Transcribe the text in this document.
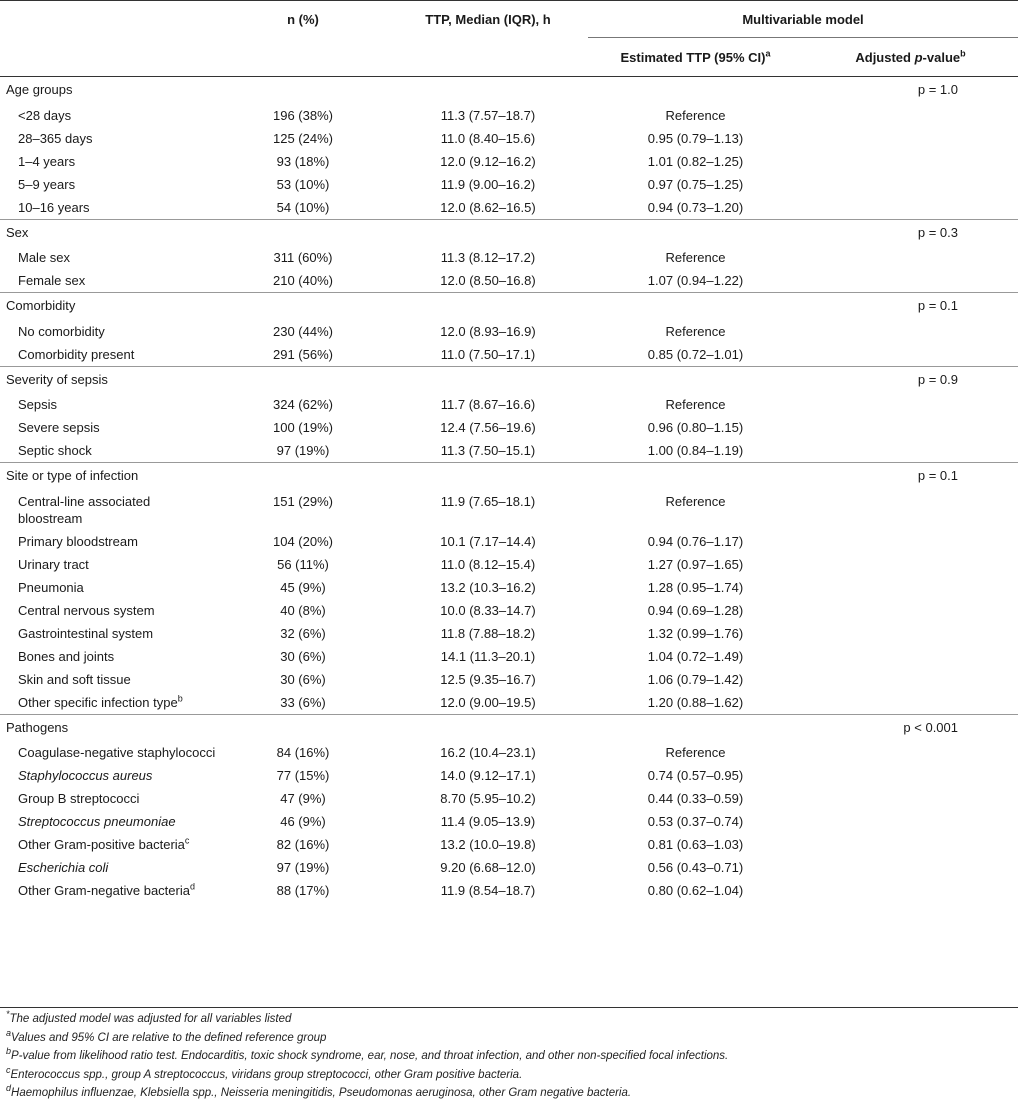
	n (%)	TTP, Median (IQR), h	Multivariable model	
			Estimated TTP (95% CI)$^a$	Adjusted p-value$^b$
Age groups				p = 1.0
<28 days	196 (38%)	11.3 (7.57–18.7)	Reference	
28–365 days	125 (24%)	11.0 (8.40–15.6)	0.95 (0.79–1.13)	
1–4 years	93 (18%)	12.0 (9.12–16.2)	1.01 (0.82–1.25)	
5–9 years	53 (10%)	11.9 (9.00–16.2)	0.97 (0.75–1.25)	
10–16 years	54 (10%)	12.0 (8.62–16.5)	0.94 (0.73–1.20)	
Sex				p = 0.3
Male sex	311 (60%)	11.3 (8.12–17.2)	Reference	
Female sex	210 (40%)	12.0 (8.50–16.8)	1.07 (0.94–1.22)	
Comorbidity				p = 0.1
No comorbidity	230 (44%)	12.0 (8.93–16.9)	Reference	
Comorbidity present	291 (56%)	11.0 (7.50–17.1)	0.85 (0.72–1.01)	
Severity of sepsis				p = 0.9
Sepsis	324 (62%)	11.7 (8.67–16.6)	Reference	
Severe sepsis	100 (19%)	12.4 (7.56–19.6)	0.96 (0.80–1.15)	
Septic shock	97 (19%)	11.3 (7.50–15.1)	1.00 (0.84–1.19)	
Site or type of infection				p = 0.1
Central-line associated bloostream	151 (29%)	11.9 (7.65–18.1)	Reference	
Primary bloodstream	104 (20%)	10.1 (7.17–14.4)	0.94 (0.76–1.17)	
Urinary tract	56 (11%)	11.0 (8.12–15.4)	1.27 (0.97–1.65)	
Pneumonia	45 (9%)	13.2 (10.3–16.2)	1.28 (0.95–1.74)	
Central nervous system	40 (8%)	10.0 (8.33–14.7)	0.94 (0.69–1.28)	
Gastrointestinal system	32 (6%)	11.8 (7.88–18.2)	1.32 (0.99–1.76)	
Bones and joints	30 (6%)	14.1 (11.3–20.1)	1.04 (0.72–1.49)	
Skin and soft tissue	30 (6%)	12.5 (9.35–16.7)	1.06 (0.79–1.42)	
Other specific infection type$^b$	33 (6%)	12.0 (9.00–19.5)	1.20 (0.88–1.62)	
Pathogens				p < 0.001
Coagulase-negative staphylococci	84 (16%)	16.2 (10.4–23.1)	Reference	
Staphylococcus aureus	77 (15%)	14.0 (9.12–17.1)	0.74 (0.57–0.95)	
Group B streptococci	47 (9%)	8.70 (5.95–10.2)	0.44 (0.33–0.59)	
Streptococcus pneumoniae	46 (9%)	11.4 (9.05–13.9)	0.53 (0.37–0.74)	
Other Gram-positive bacteria$^c$	82 (16%)	13.2 (10.0–19.8)	0.81 (0.63–1.03)	
Escherichia coli	97 (19%)	9.20 (6.68–12.0)	0.56 (0.43–0.71)	
Other Gram-negative bacteria$^d$	88 (17%)	11.9 (8.54–18.7)	0.80 (0.62–1.04)	
*The adjusted model was adjusted for all variables listed
$^a$Values and 95% CI are relative to the defined reference group
$^b$P-value from likelihood ratio test. Endocarditis, toxic shock syndrome, ear, nose, and throat infection, and other non-specified focal infections.
$^c$Enterococcus spp., group A streptococcus, viridans group streptococci, other Gram positive bacteria.
$^d$Haemophilus influenzae, Klebsiella spp., Neisseria meningitidis, Pseudomonas aeruginosa, other Gram negative bacteria.
